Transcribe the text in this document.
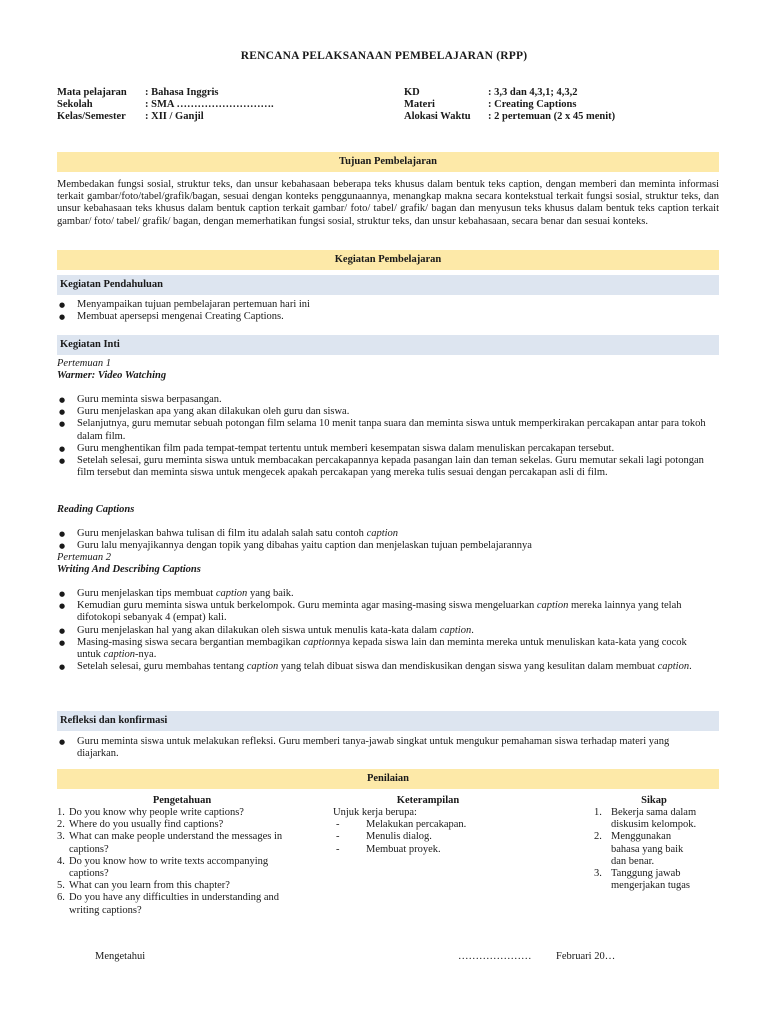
RENCANA PELAKSANAAN PEMBELAJARAN (RPP)
Mata pelajaran	: Bahasa Inggris
Sekolah	: SMA ……………………….
Kelas/Semester	: XII / Ganjil
KD	: 3,3 dan 4,3,1; 4,3,2
Materi	: Creating Captions
Alokasi Waktu	: 2 pertemuan (2 x 45 menit)
Tujuan Pembelajaran
Membedakan fungsi sosial, struktur teks, dan unsur kebahasaan beberapa teks khusus dalam bentuk teks caption, dengan memberi dan meminta informasi terkait gambar/foto/tabel/grafik/bagan, sesuai dengan konteks penggunaannya, menangkap makna secara kontekstual terkait fungsi sosial, struktur teks, dan unsur kebahasaan teks khusus dalam bentuk caption terkait gambar/ foto/ tabel/ grafik/ bagan dan menyusun teks khusus dalam bentuk teks caption terkait gambar/ foto/ tabel/ grafik/ bagan, dengan memerhatikan fungsi sosial, struktur teks, dan unsur kebahasaan, secara benar dan sesuai konteks.
Kegiatan Pembelajaran
Kegiatan Pendahuluan
● Menyampaikan tujuan pembelajaran pertemuan hari ini
● Membuat apersepsi mengenai Creating Captions.
Kegiatan Inti
Pertemuan 1
Warmer: Video Watching
● Guru meminta siswa berpasangan.
● Guru menjelaskan apa yang akan dilakukan oleh guru dan siswa.
● Selanjutnya, guru memutar sebuah potongan film selama 10 menit tanpa suara dan meminta siswa untuk memperkirakan percakapan antar para tokoh dalam film.
● Guru menghentikan film pada tempat-tempat tertentu untuk memberi kesempatan siswa dalam menuliskan percakapan tersebut.
● Setelah selesai, guru meminta siswa untuk membacakan percakapannya kepada pasangan lain dan teman sekelas. Guru memutar sekali lagi potongan film tersebut dan meminta siswa untuk mengecek apakah percakapan yang mereka tulis sesuai dengan percakapan asli di film.
Reading Captions
● Guru menjelaskan bahwa tulisan di film itu adalah salah satu contoh caption
● Guru lalu menyajikannya dengan topik yang dibahas yaitu caption dan menjelaskan tujuan pembelajarannya
Pertemuan 2
Writing And Describing Captions
● Guru menjelaskan tips membuat caption yang baik.
● Kemudian guru meminta siswa untuk berkelompok. Guru meminta agar masing-masing siswa mengeluarkan caption mereka lainnya yang telah difotokopi sebanyak 4 (empat) kali.
● Guru menjelaskan hal yang akan dilakukan oleh siswa untuk menulis kata-kata dalam caption.
● Masing-masing siswa secara bergantian membagikan captionnya kepada siswa lain dan meminta mereka untuk menuliskan kata-kata yang cocok untuk caption-nya.
● Setelah selesai, guru membahas tentang caption yang telah dibuat siswa dan mendiskusikan dengan siswa yang kesulitan dalam membuat caption.
Refleksi dan konfirmasi
● Guru meminta siswa untuk melakukan refleksi. Guru memberi tanya-jawab singkat untuk mengukur pemahaman siswa terhadap materi yang diajarkan.
Penilaian
Pengetahuan
1. Do you know why people write captions?
2. Where do you usually find captions?
3. What can make people understand the messages in captions?
4. Do you know how to write texts accompanying captions?
5. What can you learn from this chapter?
6. Do you have any difficulties in understanding and writing captions?
Keterampilan
Unjuk kerja berupa:
-	Melakukan percakapan.
-	Menulis dialog.
-	Membuat proyek.
Sikap
1. Bekerja sama dalam diskusim kelompok.
2. Menggunakan bahasa yang baik dan benar.
3. Tanggung jawab mengerjakan tugas
Mengetahui	………………… Februari 20…
